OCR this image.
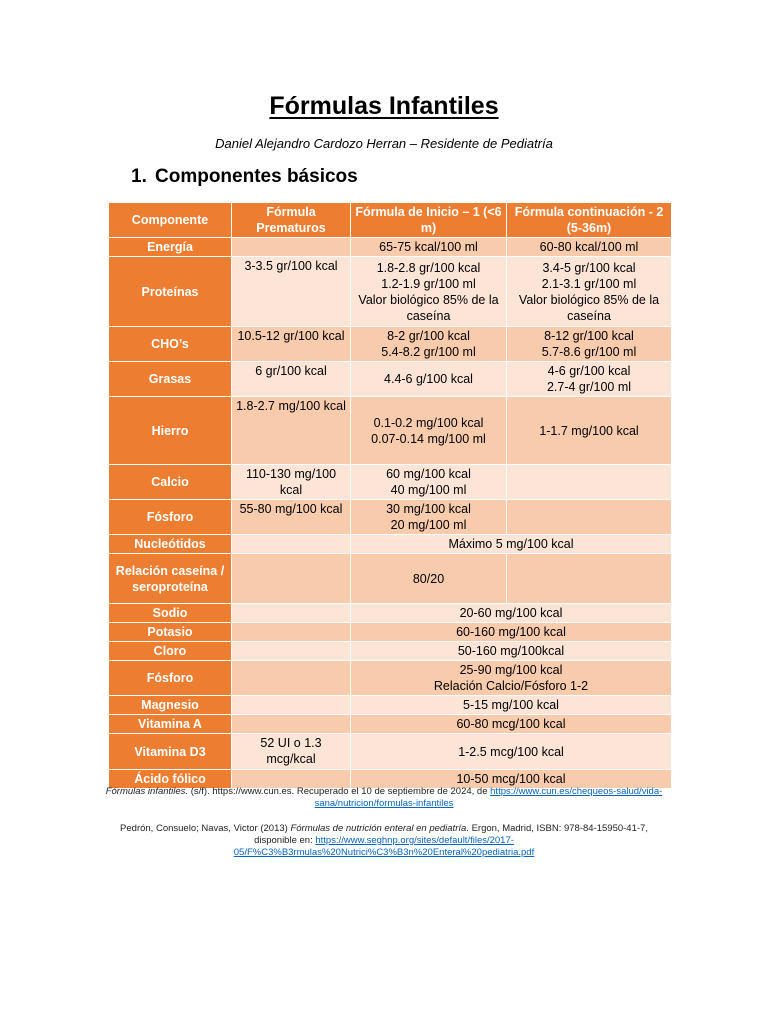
Fórmulas Infantiles
Daniel Alejandro Cardozo Herran – Residente de Pediatría
1. Componentes básicos
Componente	Fórmula Prematuros	Fórmula de Inicio – 1 (<6 m)	Fórmula continuación - 2 (5-36m)
Energía		65-75 kcal/100 ml	60-80 kcal/100 ml
Proteínas	3-3.5 gr/100 kcal	1.8-2.8 gr/100 kcal
1.2-1.9 gr/100 ml
Valor biológico 85% de la caseína	3.4-5 gr/100 kcal
2.1-3.1 gr/100 ml
Valor biológico 85% de la caseína
CHO’s	10.5-12 gr/100 kcal	8-2 gr/100 kcal
5.4-8.2 gr/100 ml	8-12 gr/100 kcal
5.7-8.6 gr/100 ml
Grasas	6 gr/100 kcal	4.4-6 g/100 kcal	4-6 gr/100 kcal
2.7-4 gr/100 ml
Hierro	1.8-2.7 mg/100 kcal	0.1-0.2 mg/100 kcal
0.07-0.14 mg/100 ml	1-1.7 mg/100 kcal
Calcio	110-130 mg/100 kcal	60 mg/100 kcal
40 mg/100 ml	
Fósforo	55-80 mg/100 kcal	30 mg/100 kcal
20 mg/100 ml	
Nucleótidos		Máximo 5 mg/100 kcal	
Relación caseína / seroproteína		80/20	
Sodio		20-60 mg/100 kcal	
Potasio		60-160 mg/100 kcal	
Cloro		50-160 mg/100kcal	
Fósforo		25-90 mg/100 kcal
Relación Calcio/Fósforo 1-2	
Magnesio		5-15 mg/100 kcal	
Vitamina A		60-80 mcg/100 kcal	
Vitamina D3	52 UI o 1.3 mcg/kcal	1-2.5 mcg/100 kcal	
Ácido fólico		10-50 mcg/100 kcal	
Fórmulas infantiles. (s/f). https://www.cun.es. Recuperado el 10 de septiembre de 2024, de https://www.cun.es/chequeos-salud/vida-sana/nutricion/formulas-infantiles
Pedrón, Consuelo; Navas, Victor (2013) Fórmulas de nutrición enteral en pediatría. Ergon, Madrid, ISBN: 978-84-15950-41-7, disponible en: https://www.seghnp.org/sites/default/files/2017-05/F%C3%B3rmulas%20Nutrici%C3%B3n%20Enteral%20pediatria.pdf
